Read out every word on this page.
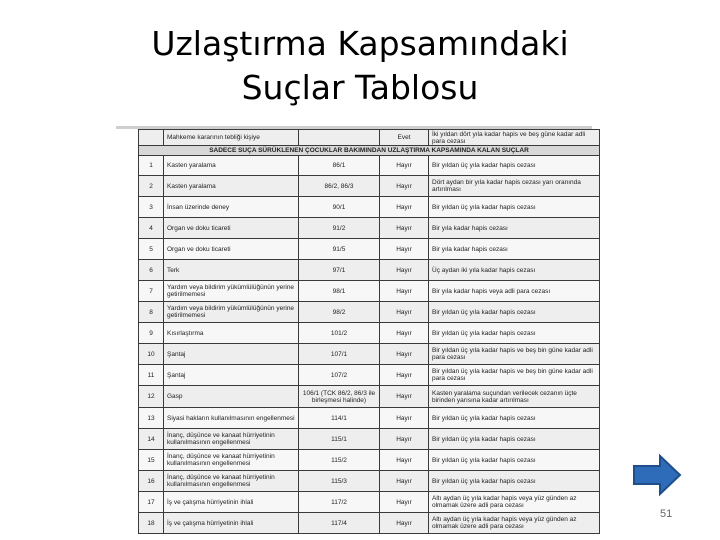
Uzlaştırma Kapsamındaki
Suçlar Tablosu
	Mahkeme kararının tebliği kişiye		Evet	İki yıldan dört yıla kadar hapis ve beş güne kadar adli para cezası
SADECE SUÇA SÜRÜKLENEN ÇOCUKLAR BAKIMINDAN UZLAŞTIRMA KAPSAMINDA KALAN SUÇLAR				
1	Kasten yaralama	86/1	Hayır	Bir yıldan üç yıla kadar hapis cezası
2	Kasten yaralama	86/2, 86/3	Hayır	Dört aydan bir yıla kadar hapis cezası yarı oranında artırılması
3	İnsan üzerinde deney	90/1	Hayır	Bir yıldan üç yıla kadar hapis cezası
4	Organ ve doku ticareti	91/2	Hayır	Bir yıla kadar hapis cezası
5	Organ ve doku ticareti	91/5	Hayır	Bir yıla kadar hapis cezası
6	Terk	97/1	Hayır	Üç aydan iki yıla kadar hapis cezası
7	Yardım veya bildirim yükümlülüğünün yerine getirilmemesi	98/1	Hayır	Bir yıla kadar hapis veya adli para cezası
8	Yardım veya bildirim yükümlülüğünün yerine getirilmemesi	98/2	Hayır	Bir yıldan üç yıla kadar hapis cezası
9	Kısırlaştırma	101/2	Hayır	Bir yıldan üç yıla kadar hapis cezası
10	Şantaj	107/1	Hayır	Bir yıldan üç yıla kadar hapis ve beş bin güne kadar adli para cezası
11	Şantaj	107/2	Hayır	Bir yıldan üç yıla kadar hapis ve beş bin güne kadar adli para cezası
12	Gasp	106/1 (TCK 86/2, 86/3 ile birleşmesi halinde)	Hayır	Kasten yaralama suçundan verilecek cezanın üçte birinden yarısına kadar artırılması
13	Siyasi hakların kullanılmasının engellenmesi	114/1	Hayır	Bir yıldan üç yıla kadar hapis cezası
14	İnanç, düşünce ve kanaat hürriyetinin kullanılmasının engellenmesi	115/1	Hayır	Bir yıldan üç yıla kadar hapis cezası
15	İnanç, düşünce ve kanaat hürriyetinin kullanılmasının engellenmesi	115/2	Hayır	Bir yıldan üç yıla kadar hapis cezası
16	İnanç, düşünce ve kanaat hürriyetinin kullanılmasının engellenmesi	115/3	Hayır	Bir yıldan üç yıla kadar hapis cezası
17	İş ve çalışma hürriyetinin ihlali	117/2	Hayır	Altı aydan üç yıla kadar hapis veya yüz günden az olmamak üzere adli para cezası
18	İş ve çalışma hürriyetinin ihlali	117/4	Hayır	Altı aydan üç yıla kadar hapis veya yüz günden az olmamak üzere adli para cezası
51
